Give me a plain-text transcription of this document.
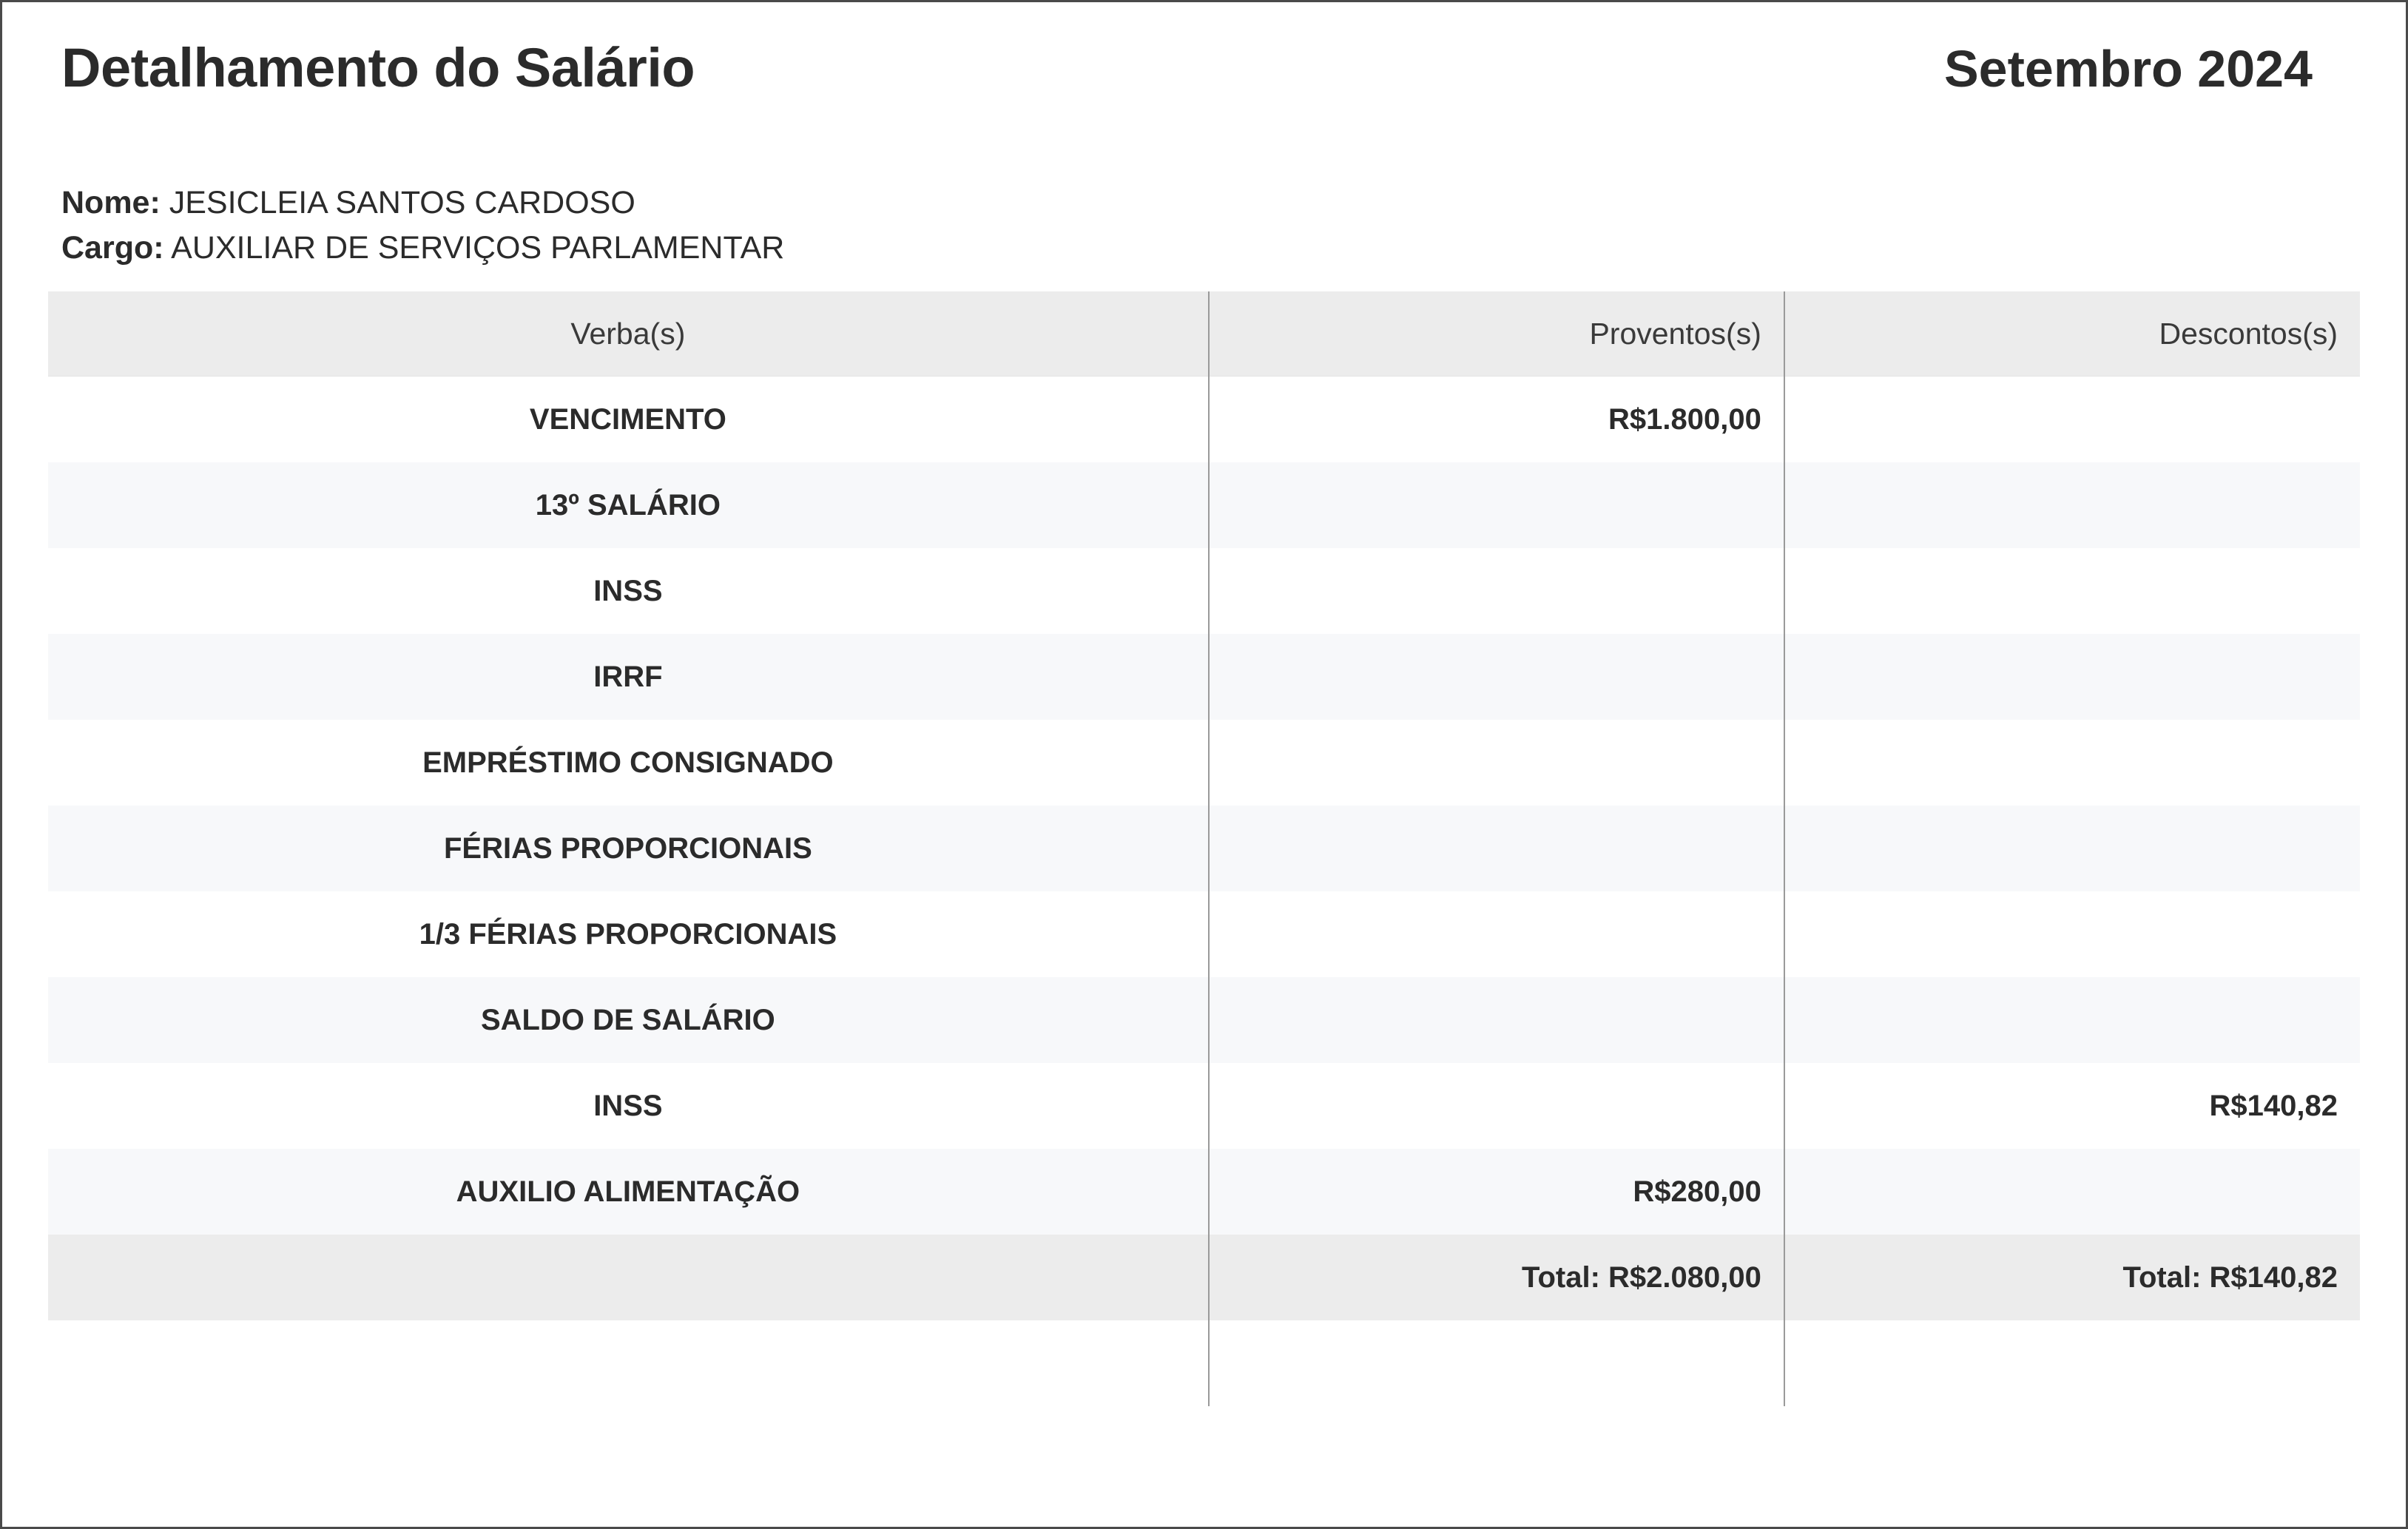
Detalhamento do Salário	Setembro 2024
Nome: JESICLEIA SANTOS CARDOSO
Cargo: AUXILIAR DE SERVIÇOS PARLAMENTAR
Verba(s)	Proventos(s)	Descontos(s)
VENCIMENTO	R$1.800,00	
13º SALÁRIO		
INSS		
IRRF		
EMPRÉSTIMO CONSIGNADO		
FÉRIAS PROPORCIONAIS		
1/3 FÉRIAS PROPORCIONAIS		
SALDO DE SALÁRIO		
INSS		R$140,82
AUXILIO ALIMENTAÇÃO	R$280,00	
	Total: R$2.080,00	Total: R$140,82
